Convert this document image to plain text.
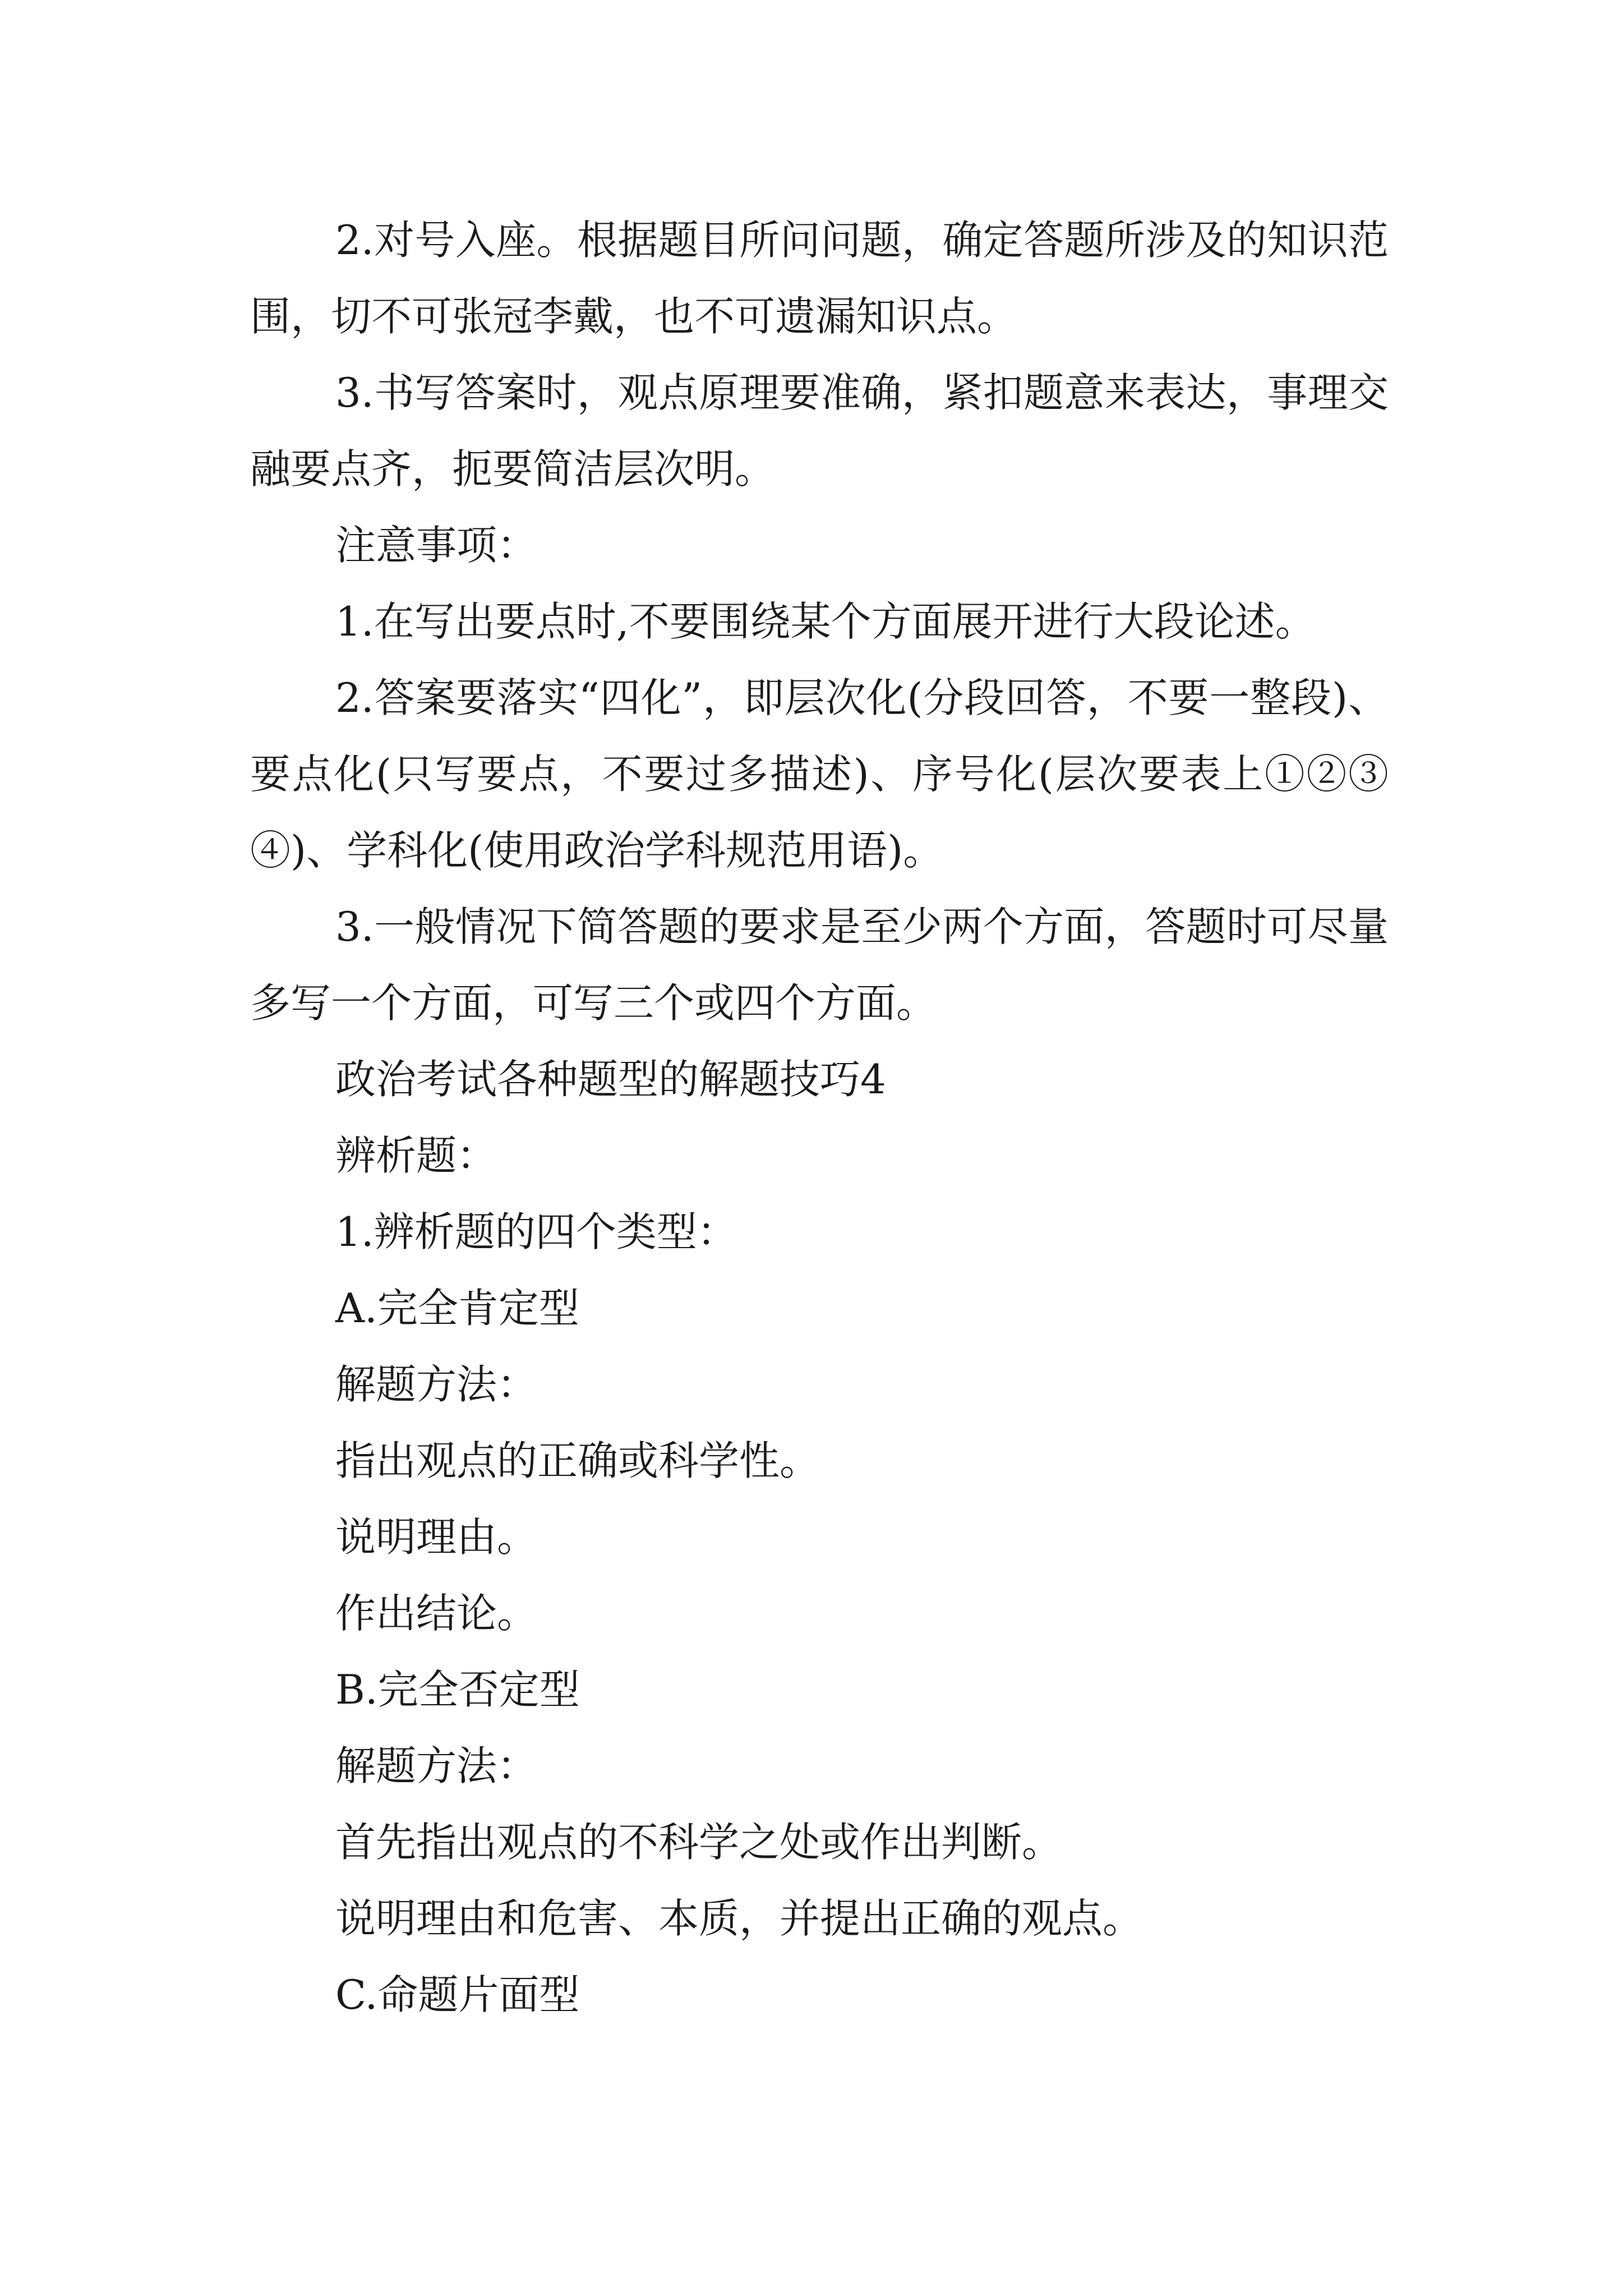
2.对号入座。根据题目所问问题，确定答题所涉及的知识范围，切不可张冠李戴，也不可遗漏知识点。

3.书写答案时，观点原理要准确，紧扣题意来表达，事理交融要点齐，扼要简洁层次明。

注意事项：

1.在写出要点时,不要围绕某个方面展开进行大段论述。

2.答案要落实“四化”，即层次化(分段回答，不要一整段)、要点化(只写要点，不要过多描述)、序号化(层次要表上①②③④)、学科化(使用政治学科规范用语)。

3.一般情况下简答题的要求是至少两个方面，答题时可尽量多写一个方面，可写三个或四个方面。

政治考试各种题型的解题技巧4

辨析题：

1.辨析题的四个类型：

A.完全肯定型

解题方法：

指出观点的正确或科学性。

说明理由。

作出结论。

B.完全否定型

解题方法：

首先指出观点的不科学之处或作出判断。

说明理由和危害、本质，并提出正确的观点。

C.命题片面型
